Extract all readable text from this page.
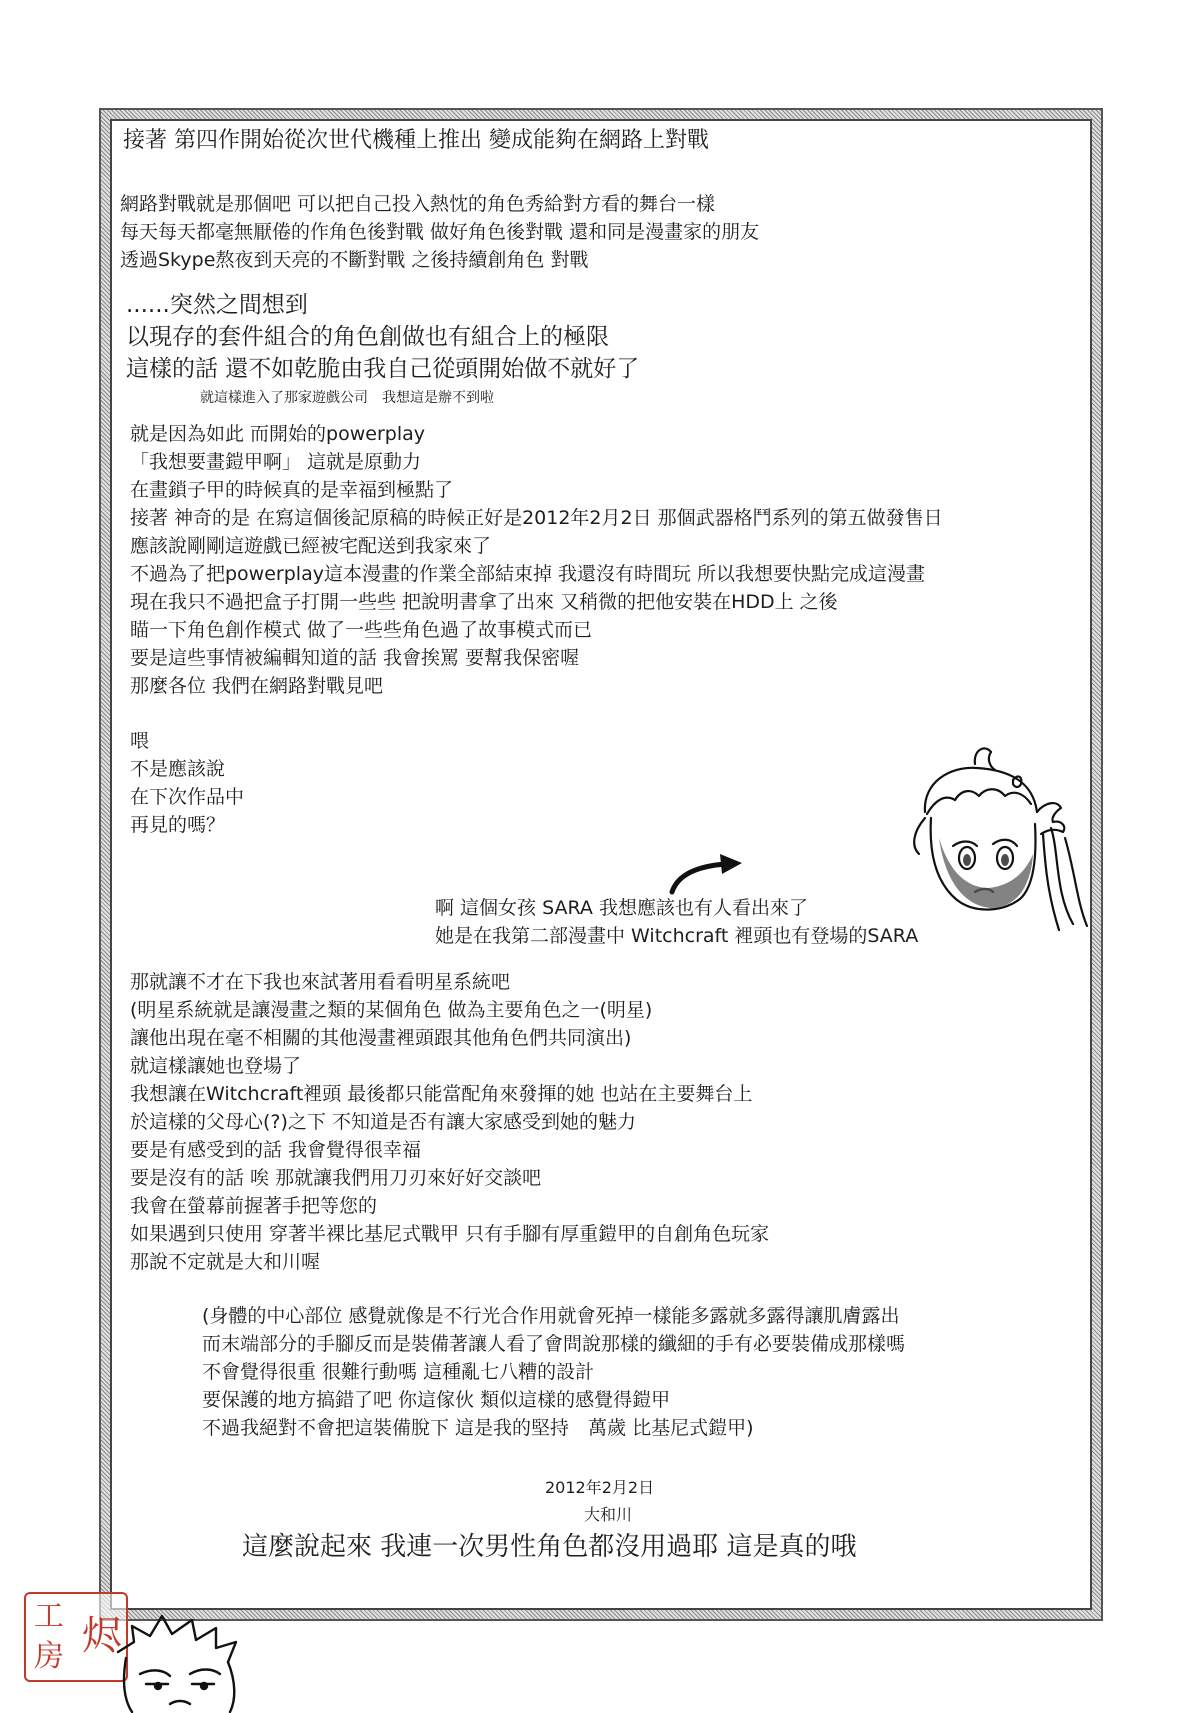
接著 第四作開始從次世代機種上推出 變成能夠在網路上對戰

網路對戰就是那個吧 可以把自己投入熱忱的角色秀給對方看的舞台一樣
每天每天都毫無厭倦的作角色後對戰 做好角色後對戰 還和同是漫畫家的朋友
透過Skype熬夜到天亮的不斷對戰 之後持續創角色 對戰
......突然之間想到
以現存的套件組合的角色創做也有組合上的極限
這樣的話 還不如乾脆由我自己從頭開始做不就好了

就這樣進入了那家遊戲公司　我想這是辦不到啦

就是因為如此 而開始的powerplay
「我想要畫鎧甲啊」 這就是原動力
在畫鎖子甲的時候真的是幸福到極點了
接著 神奇的是 在寫這個後記原稿的時候正好是2012年2月2日 那個武器格鬥系列的第五做發售日
應該說剛剛這遊戲已經被宅配送到我家來了
不過為了把powerplay這本漫畫的作業全部結束掉 我還沒有時間玩 所以我想要快點完成這漫畫
現在我只不過把盒子打開一些些 把說明書拿了出來 又稍微的把他安裝在HDD上 之後
瞄一下角色創作模式 做了一些些角色過了故事模式而已
要是這些事情被編輯知道的話 我會挨罵 要幫我保密喔
那麼各位 我們在網路對戰見吧
喂
不是應該說
在下次作品中
再見的嗎？
啊 這個女孩 SARA 我想應該也有人看出來了
她是在我第二部漫畫中 Witchcraft 裡頭也有登場的SARA
那就讓不才在下我也來試著用看看明星系統吧
(明星系統就是讓漫畫之類的某個角色 做為主要角色之一(明星)
讓他出現在毫不相關的其他漫畫裡頭跟其他角色們共同演出)
就這樣讓她也登場了
我想讓在Witchcraft裡頭 最後都只能當配角來發揮的她 也站在主要舞台上
於這樣的父母心(?)之下 不知道是否有讓大家感受到她的魅力
要是有感受到的話 我會覺得很幸福
要是沒有的話 唉 那就讓我們用刀刃來好好交談吧
我會在螢幕前握著手把等您的
如果遇到只使用 穿著半裸比基尼式戰甲 只有手腳有厚重鎧甲的自創角色玩家
那說不定就是大和川喔
(身體的中心部位 感覺就像是不行光合作用就會死掉一樣能多露就多露得讓肌膚露出
而末端部分的手腳反而是裝備著讓人看了會問說那樣的纖細的手有必要裝備成那樣嗎
不會覺得很重 很難行動嗎 這種亂七八糟的設計
要保護的地方搞錯了吧 你這傢伙 類似這樣的感覺得鎧甲
不過我絕對不會把這裝備脫下 這是我的堅持　萬歲 比基尼式鎧甲)

2012年2月2日

大和川

這麼說起來 我連一次男性角色都沒用過耶 這是真的哦

工
房 烬
